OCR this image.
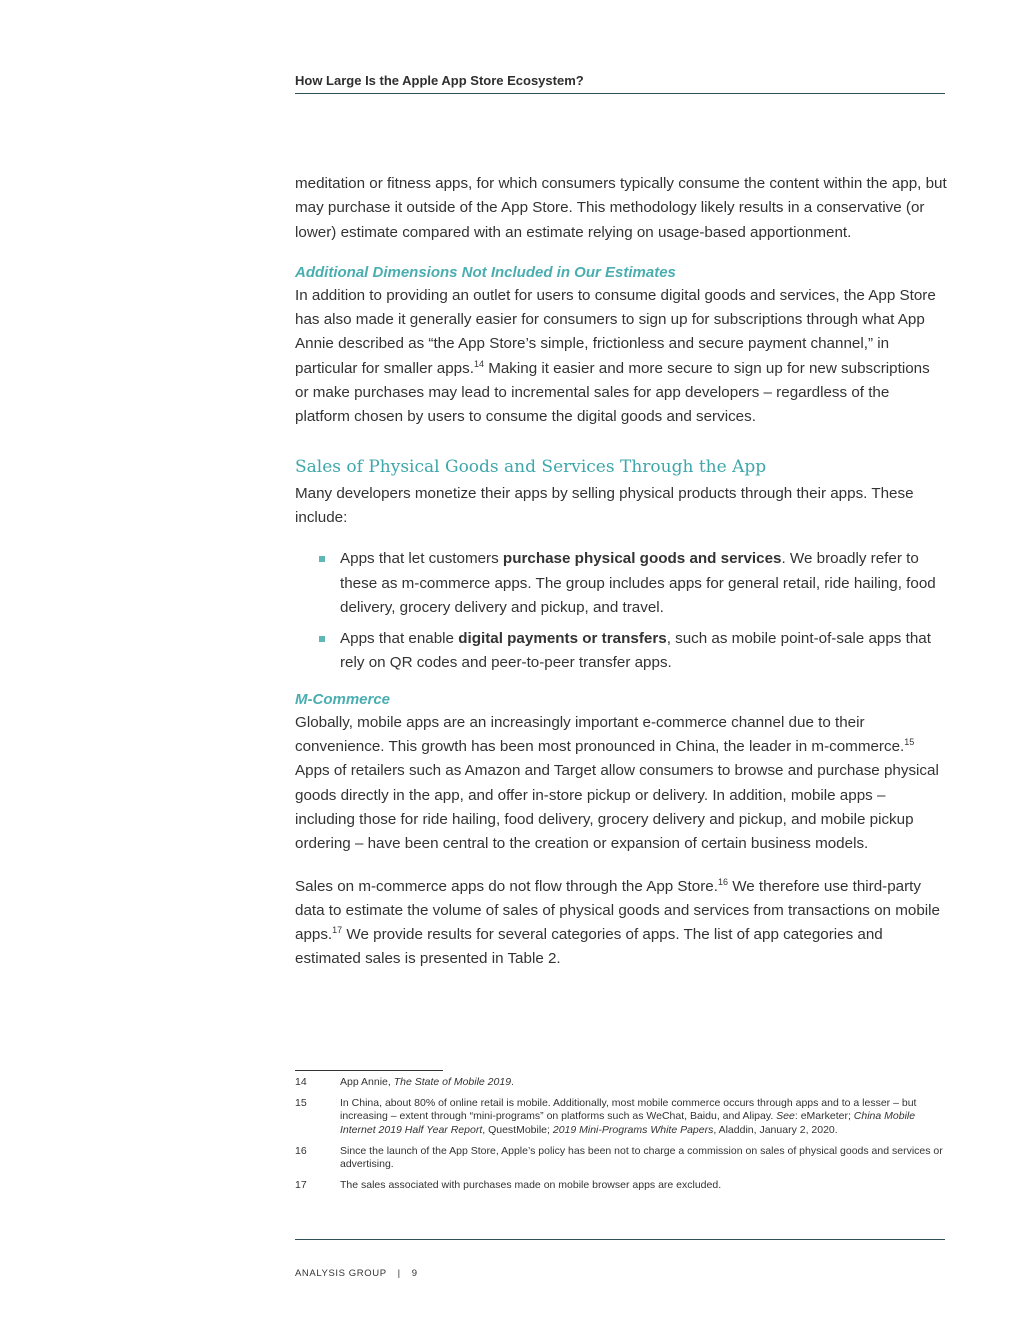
How Large Is the Apple App Store Ecosystem?

meditation or fitness apps, for which consumers typically consume the content within the app, but may purchase it outside of the App Store. This methodology likely results in a conservative (or lower) estimate compared with an estimate relying on usage-based apportionment.

Additional Dimensions Not Included in Our Estimates

In addition to providing an outlet for users to consume digital goods and services, the App Store has also made it generally easier for consumers to sign up for subscriptions through what App Annie described as “the App Store’s simple, frictionless and secure payment channel,” in particular for smaller apps.$^{14}$ Making it easier and more secure to sign up for new subscriptions or make purchases may lead to incremental sales for app developers – regardless of the platform chosen by users to consume the digital goods and services.

Sales of Physical Goods and Services Through the App

Many developers monetize their apps by selling physical products through their apps. These include:

Apps that let customers purchase physical goods and services. We broadly refer to these as m-commerce apps. The group includes apps for general retail, ride hailing, food delivery, grocery delivery and pickup, and travel.
Apps that enable digital payments or transfers, such as mobile point-of-sale apps that rely on QR codes and peer-to-peer transfer apps.
M-Commerce

Globally, mobile apps are an increasingly important e-commerce channel due to their convenience. This growth has been most pronounced in China, the leader in m-commerce.$^{15}$ Apps of retailers such as Amazon and Target allow consumers to browse and purchase physical goods directly in the app, and offer in-store pickup or delivery. In addition, mobile apps – including those for ride hailing, food delivery, grocery delivery and pickup, and mobile pickup ordering – have been central to the creation or expansion of certain business models.

Sales on m-commerce apps do not flow through the App Store.$^{16}$ We therefore use third-party data to estimate the volume of sales of physical goods and services from transactions on mobile apps.$^{17}$ We provide results for several categories of apps. The list of app categories and estimated sales is presented in Table 2.

14	App Annie, The State of Mobile 2019.
15	In China, about 80% of online retail is mobile. Additionally, most mobile commerce occurs through apps and to a lesser – but increasing – extent through “mini-programs” on platforms such as WeChat, Baidu, and Alipay. See: eMarketer; China Mobile Internet 2019 Half Year Report, QuestMobile; 2019 Mini-Programs White Papers, Aladdin, January 2, 2020.
16	Since the launch of the App Store, Apple’s policy has been not to charge a commission on sales of physical goods and services or advertising.
17	The sales associated with purchases made on mobile browser apps are excluded.
ANALYSIS GROUP | 9
